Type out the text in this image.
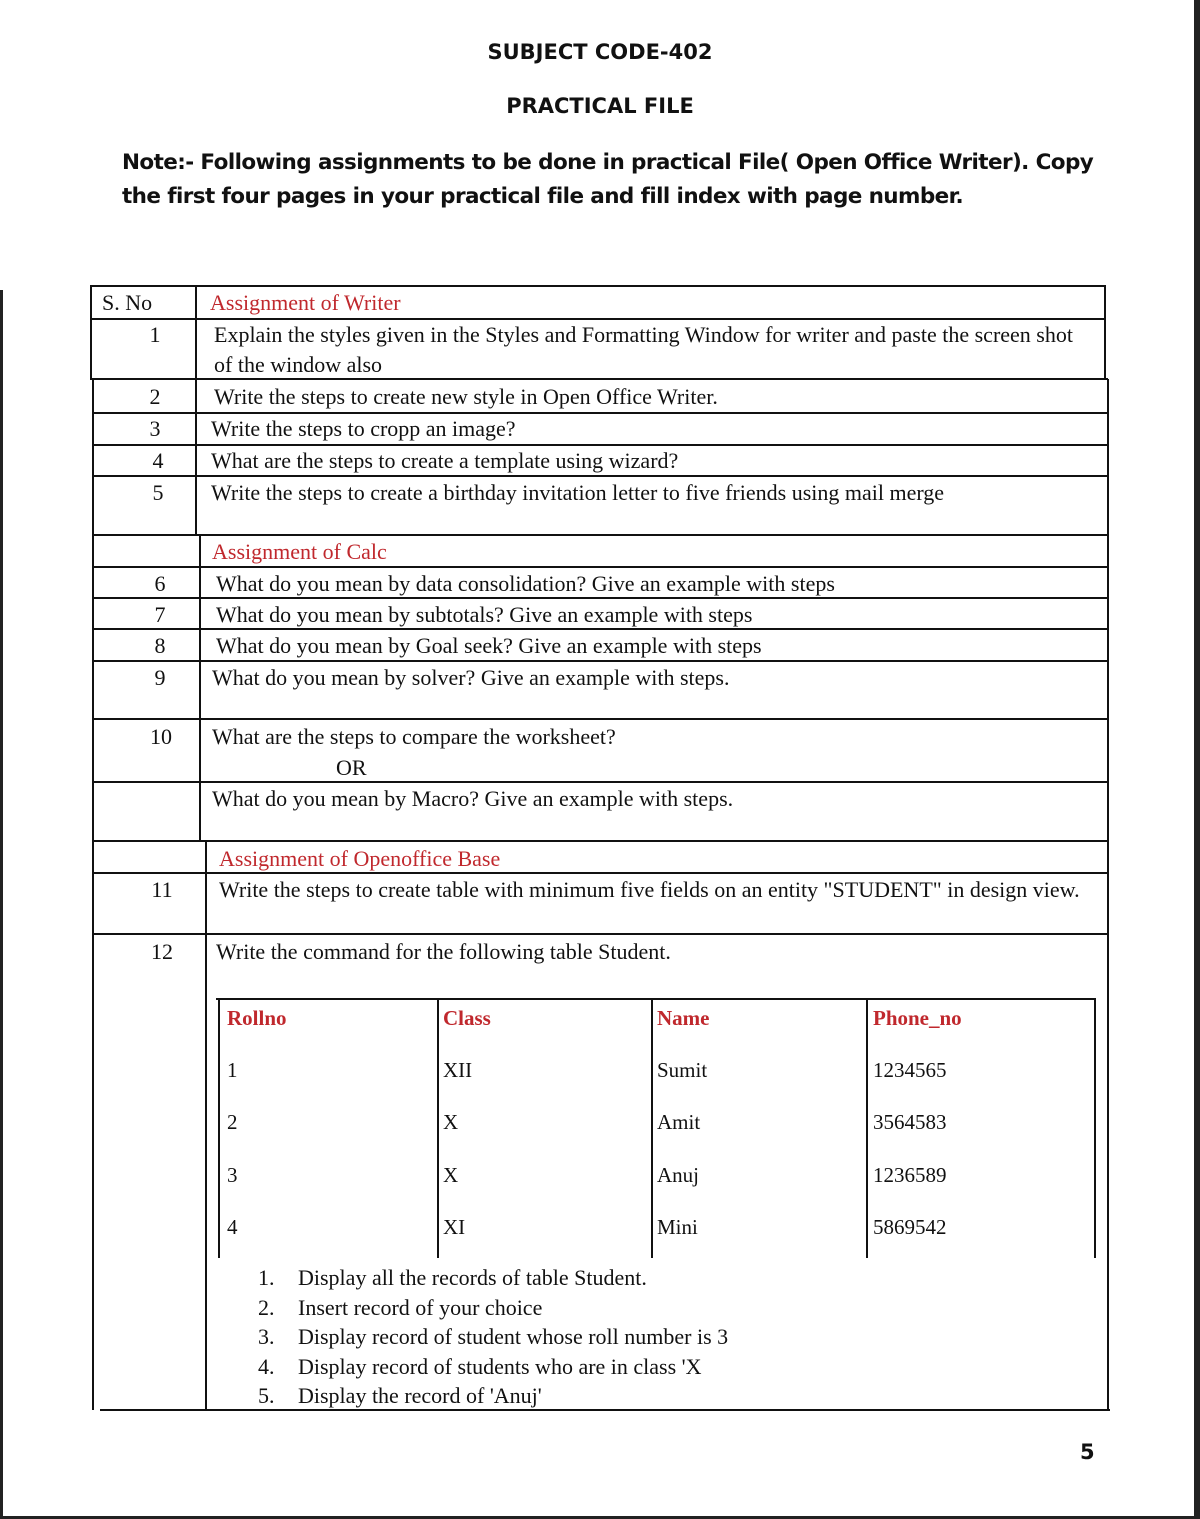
SUBJECT CODE-402
PRACTICAL FILE
Note:- Following assignments to be done in practical File( Open Office Writer). Copy the first four pages in your practical file and fill index with page number.
S. No	Assignment of Writer
1	Explain the styles given in the Styles and Formatting Window for writer and paste the screen shot of the window also
2	Write the steps to create new style in Open Office Writer.
3	Write the steps to cropp an image?
4	What are the steps to create a template using wizard?
5	Write the steps to create a birthday invitation letter to five friends using mail merge
Assignment of Calc
6	What do you mean by data consolidation? Give an example with steps
7	What do you mean by subtotals? Give an example with steps
8	What do you mean by Goal seek? Give an example with steps
9	What do you mean by solver? Give an example with steps.
10	What are the steps to compare the worksheet?
OR
What do you mean by Macro? Give an example with steps.
Assignment of Openoffice Base
11	Write the steps to create table with minimum five fields on an entity "STUDENT" in design view.
12	Write the command for the following table Student.
Rollno	Class	Name	Phone_no
1	XII	Sumit	1234565
2	X	Amit	3564583
3	X	Anuj	1236589
4	XI	Mini	5869542
1. Display all the records of table Student.
2. Insert record of your choice
3. Display record of student whose roll number is 3
4. Display record of students who are in class 'X
5. Display the record of 'Anuj'
5
